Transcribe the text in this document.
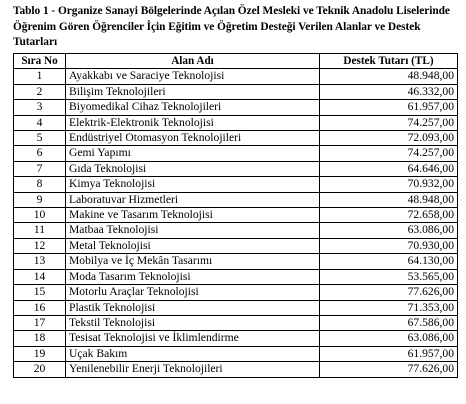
Tablo 1 - Organize Sanayi Bölgelerinde Açılan Özel Mesleki ve Teknik Anadolu Liselerinde Öğrenim Gören Öğrenciler İçin Eğitim ve Öğretim Desteği Verilen Alanlar ve Destek Tutarları
Sıra No	Alan Adı	Destek Tutarı (TL)
1	Ayakkabı ve Saraciye Teknolojisi	48.948,00
2	Bilişim Teknolojileri	46.332,00
3	Biyomedikal Cihaz Teknolojileri	61.957,00
4	Elektrik-Elektronik Teknolojisi	74.257,00
5	Endüstriyel Otomasyon Teknolojileri	72.093,00
6	Gemi Yapımı	74.257,00
7	Gıda Teknolojisi	64.646,00
8	Kimya Teknolojisi	70.932,00
9	Laboratuvar Hizmetleri	48.948,00
10	Makine ve Tasarım Teknolojisi	72.658,00
11	Matbaa Teknolojisi	63.086,00
12	Metal Teknolojisi	70.930,00
13	Mobilya ve İç Mekân Tasarımı	64.130,00
14	Moda Tasarım Teknolojisi	53.565,00
15	Motorlu Araçlar Teknolojisi	77.626,00
16	Plastik Teknolojisi	71.353,00
17	Tekstil Teknolojisi	67.586,00
18	Tesisat Teknolojisi ve İklimlendirme	63.086,00
19	Uçak Bakım	61.957,00
20	Yenilenebilir Enerji Teknolojileri	77.626,00
